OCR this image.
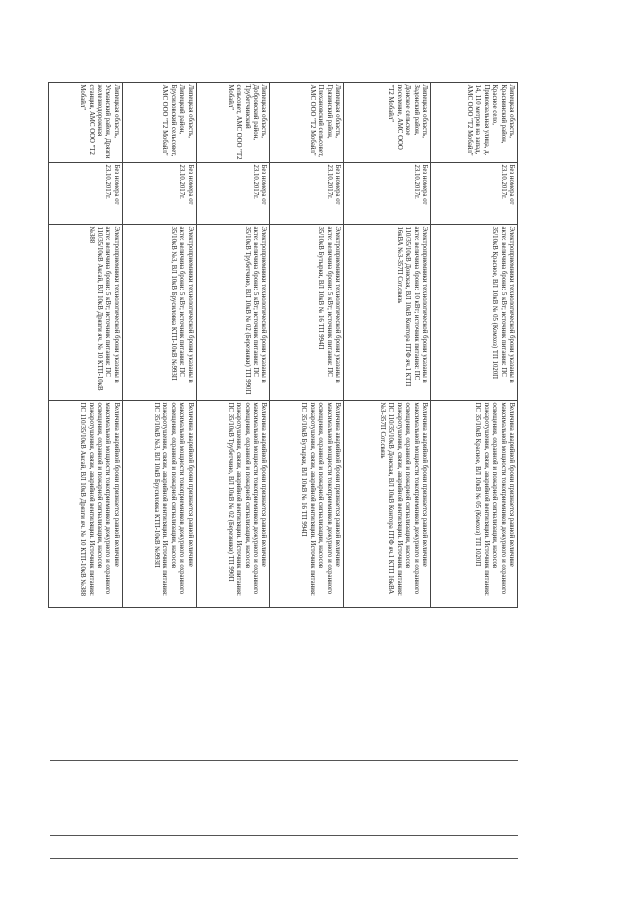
	Липецкая область, Краснинский район, Красное село, Привокзальная улица, д. 14, 110 метров на запад, АМС ООО "Т2 Мобайл"	Без номера от 23.10.2017г.	Электроприемники технологической брони указаны в акте: величина брони: 5 кВт; источник питания: ПС 35/10кВ Красное, ВЛ 10кВ № 05 (Комхоз) ТП 1020П	Величина аварийной брони признается равной величине максимальной мощности токоприемников дежурного и охранного освещения, охранной и пожарной сигнализации, насосов пожаротушения, связи, аварийной вентиляции. Источник питания: ПС 35/10кВ Красное, ВЛ 10кВ № 05 (Комхоз) ТП 1020П
	Липецкая область, Задонский район, Донское сельское поселение, АМС ООО "Т2 Мобайл"	Без номера от 23.10.2017г.	Электроприемники технологической брони указаны в акте: величина брони: 10 кВт; источник питания: ПС 110/35/10кВ Донская, ВЛ 10кВ Контора ПТФ яч.1 КТП 16кВА №3-357П Сот.связь	Величина аварийной брони признается равной величине максимальной мощности токоприемников дежурного и охранного освещения, охранной и пожарной сигнализации, насосов пожаротушения, связи, аварийной вентиляции. Источник питания: ПС 110/35/10кВ Донская, ВЛ 10кВ Контора ПТФ яч.1 КТП 16кВА №3-357П Сот.связь
	Липецкая область, Грязинский район, Плехановский сельсовет, АМС ООО "Т2 Мобайл"	Без номера от 23.10.2017г.	Электроприемники технологической брони указаны в акте: величина брони: 5 кВт; источник питания: ПС 35/10кВ Бутырки, ВЛ 10кВ № 16 ТП 994П	Величина аварийной брони признается равной величине максимальной мощности токоприемников дежурного и охранного освещения, охранной и пожарной сигнализации, насосов пожаротушения, связи, аварийной вентиляции. Источник питания: ПС 35/10кВ Бутырки, ВЛ 10кВ № 16 ТП 994П
	Липецкая область, Добровский район, Трубетчинский сельсовет, АМС ООО "Т2 Мобайл"	Без номера от 23.10.2017г.	Электроприемники технологической брони указаны в акте: величина брони: 5 кВт; источник питания: ПС 35/10кВ Трубетчино, ВЛ 10кВ № 02 (Березняки) ТП 990П	Величина аварийной брони признается равной величине максимальной мощности токоприемников дежурного и охранного освещения, охранной и пожарной сигнализации, насосов пожаротушения, связи, аварийной вентиляции. Источник питания: ПС 35/10кВ Трубетчино, ВЛ 10кВ № 02 (Березняки) ТП 990П
	Липецкая область, Липецкий район, Брусиловский сельсовет, АМС ООО "Т2 Мобайл"	Без номера от 23.10.2017г.	Электроприемники технологической брони указаны в акте: величина брони: 5 кВт; источник питания: ПС 35/10кВ №3, ВЛ 10кВ Брусиловка КТП-10кВ №993П	Величина аварийной брони признается равной величине максимальной мощности токоприемников дежурного и охранного освещения, охранной и пожарной сигнализации, насосов пожаротушения, связи, аварийной вентиляции. Источник питания: ПС 35/10кВ №3, ВЛ 10кВ Брусиловка КТП-10кВ №993П
	Липецкая область, Усманский район, Дрязги железнодорожная станция, АМС ООО "Т2 Мобайл"	Без номера от 23.10.2017г.	Электроприемники технологической брони указаны в акте: величина брони: 5 кВт; источник питания: ПС 110/35/10кВ Аксай, ВЛ 10кВ Дрязги яч. № 10 КТП-10кВ №388	Величина аварийной брони признается равной величине максимальной мощности токоприемников дежурного и охранного освещения, охранной и пожарной сигнализации, насосов пожаротушения, связи, аварийной вентиляции. Источник питания: ПС 110/35/10кВ Аксай, ВЛ 10кВ Дрязги яч. № 10 КТП-10кВ №388
